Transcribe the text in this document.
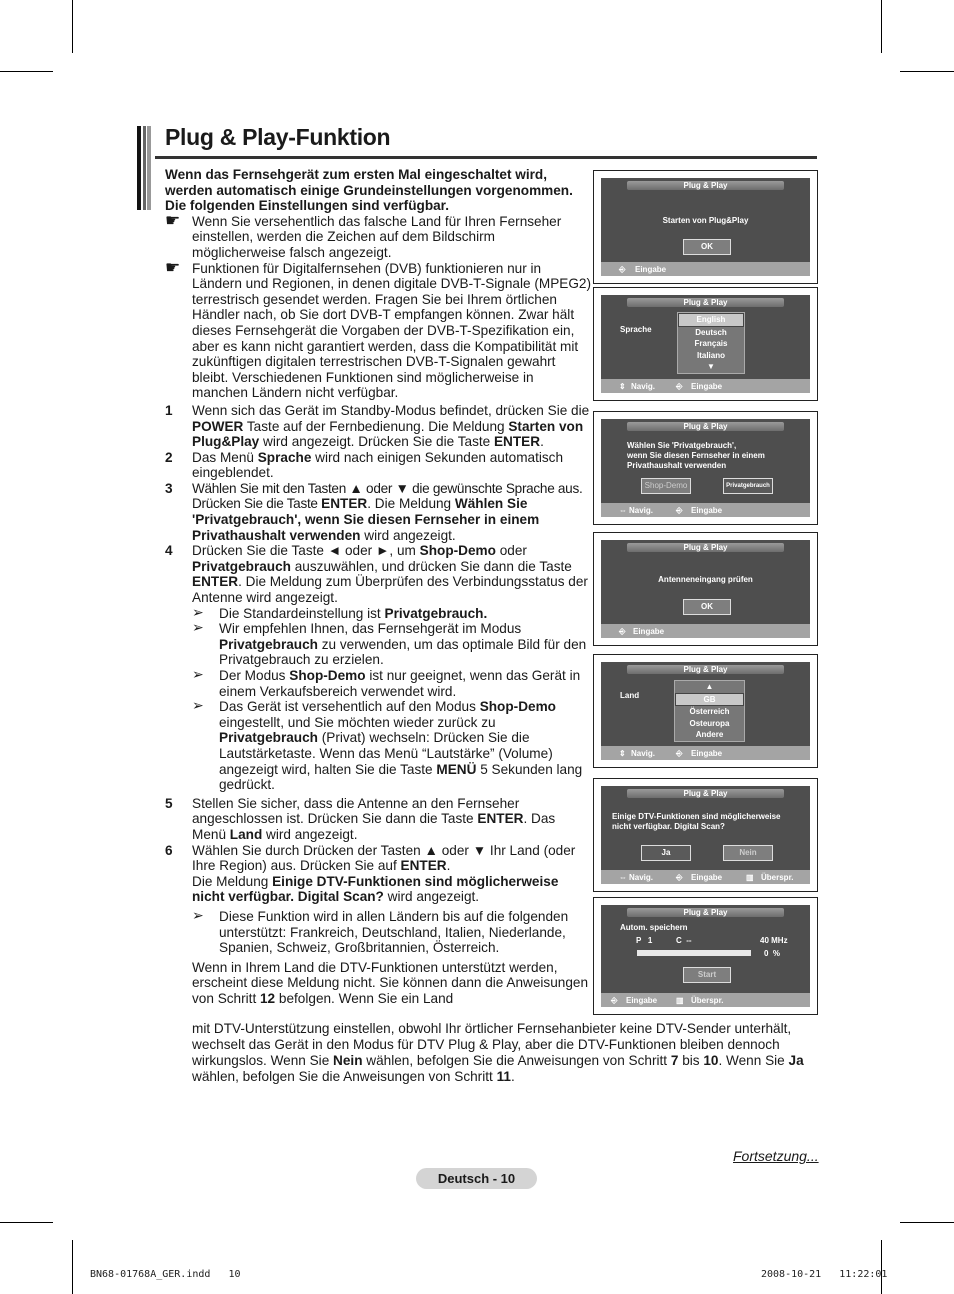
Plug & Play-Funktion

Wenn das Fernsehgerät zum ersten Mal eingeschaltet wird, werden automatisch einige Grundeinstellungen vorgenommen. Die folgenden Einstellungen sind verfügbar.

☛ Wenn Sie versehentlich das falsche Land für Ihren Fernseher einstellen, werden die Zeichen auf dem Bildschirm möglicherweise falsch angezeigt.

☛ Funktionen für Digitalfernsehen (DVB) funktionieren nur in Ländern und Regionen, in denen digitale DVB-T-Signale (MPEG2) terrestrisch gesendet werden. Fragen Sie bei Ihrem örtlichen Händler nach, ob Sie dort DVB-T empfangen können. Zwar hält dieses Fernsehgerät die Vorgaben der DVB-T-Spezifikation ein, aber es kann nicht garantiert werden, dass die Kompatibilität mit zukünftigen digitalen terrestrischen DVB-T-Signalen gewahrt bleibt. Verschiedenen Funktionen sind möglicherweise in manchen Ländern nicht verfügbar.

1 Wenn sich das Gerät im Standby-Modus befindet, drücken Sie die POWER Taste auf der Fernbedienung. Die Meldung Starten von Plug&Play wird angezeigt. Drücken Sie die Taste ENTER.

2 Das Menü Sprache wird nach einigen Sekunden automatisch eingeblendet.

3 Wählen Sie mit den Tasten ▲ oder ▼ die gewünschte Sprache aus. Drücken Sie die Taste ENTER. Die Meldung Wählen Sie 'Privatgebrauch', wenn Sie diesen Fernseher in einem Privathaushalt verwenden wird angezeigt.

4 Drücken Sie die Taste ◄ oder ►, um Shop-Demo oder Privatgebrauch auszuwählen, und drücken Sie dann die Taste ENTER. Die Meldung zum Überprüfen des Verbindungsstatus der Antenne wird angezeigt.

➢ Die Standardeinstellung ist Privatgebrauch.

➢ Wir empfehlen Ihnen, das Fernsehgerät im Modus Privatgebrauch zu verwenden, um das optimale Bild für den Privatgebrauch zu erzielen.

➢ Der Modus Shop-Demo ist nur geeignet, wenn das Gerät in einem Verkaufsbereich verwendet wird.

➢ Das Gerät ist versehentlich auf den Modus Shop-Demo eingestellt, und Sie möchten wieder zurück zu Privatgebrauch (Privat) wechseln: Drücken Sie die Lautstärketaste. Wenn das Menü “Lautstärke” (Volume) angezeigt wird, halten Sie die Taste MENÜ 5 Sekunden lang gedrückt.

5 Stellen Sie sicher, dass die Antenne an den Fernseher angeschlossen ist. Drücken Sie dann die Taste ENTER. Das Menü Land wird angezeigt.

6 Wählen Sie durch Drücken der Tasten ▲ oder ▼ Ihr Land (oder Ihre Region) aus. Drücken Sie auf ENTER.
Die Meldung Einige DTV-Funktionen sind möglicherweise nicht verfügbar. Digital Scan? wird angezeigt.

➢ Diese Funktion wird in allen Ländern bis auf die folgenden unterstützt: Frankreich, Deutschland, Italien, Niederlande, Spanien, Schweiz, Großbritannien, Österreich.

Wenn in Ihrem Land die DTV-Funktionen unterstützt werden, erscheint diese Meldung nicht. Sie können dann die Anweisungen von Schritt 12 befolgen. Wenn Sie ein Land

mit DTV-Unterstützung einstellen, obwohl Ihr örtlicher Fernsehanbieter keine DTV-Sender unterhält, wechselt das Gerät in den Modus für DTV Plug & Play, aber die DTV-Funktionen bleiben dennoch wirkungslos. Wenn Sie Nein wählen, befolgen Sie die Anweisungen von Schritt 7 bis 10. Wenn Sie Ja wählen, befolgen Sie die Anweisungen von Schritt 11.

Plug & Play
Starten von Plug&Play
OK
⎆ Eingabe
Plug & Play
Sprache
English
Deutsch
Français
Italiano
▼
⇕ Navig.	⎆ Eingabe
Plug & Play
Wählen Sie 'Privatgebrauch',
wenn Sie diesen Fernseher in einem
Privathaushalt verwenden
Shop-Demo	Privatgebrauch
⇔ Navig.	⎆ Eingabe
Plug & Play
Antenneneingang prüfen
OK
⎆ Eingabe
Plug & Play
Land
▲
GB
Österreich
Osteuropa
Andere
⇕ Navig.	⎆ Eingabe
Plug & Play
Einige DTV-Funktionen sind möglicherweise
nicht verfügbar. Digital Scan?
Ja	Nein
⇔ Navig.	⎆ Eingabe	▥ Überspr.
Plug & Play
Autom. speichern
P   1	C  --	40 MHz
0  %
Start
⎆ Eingabe ▥ Überspr.
Fortsetzung...
Deutsch - 10
BN68-01768A_GER.indd   10	2008-10-21   11:22:01
